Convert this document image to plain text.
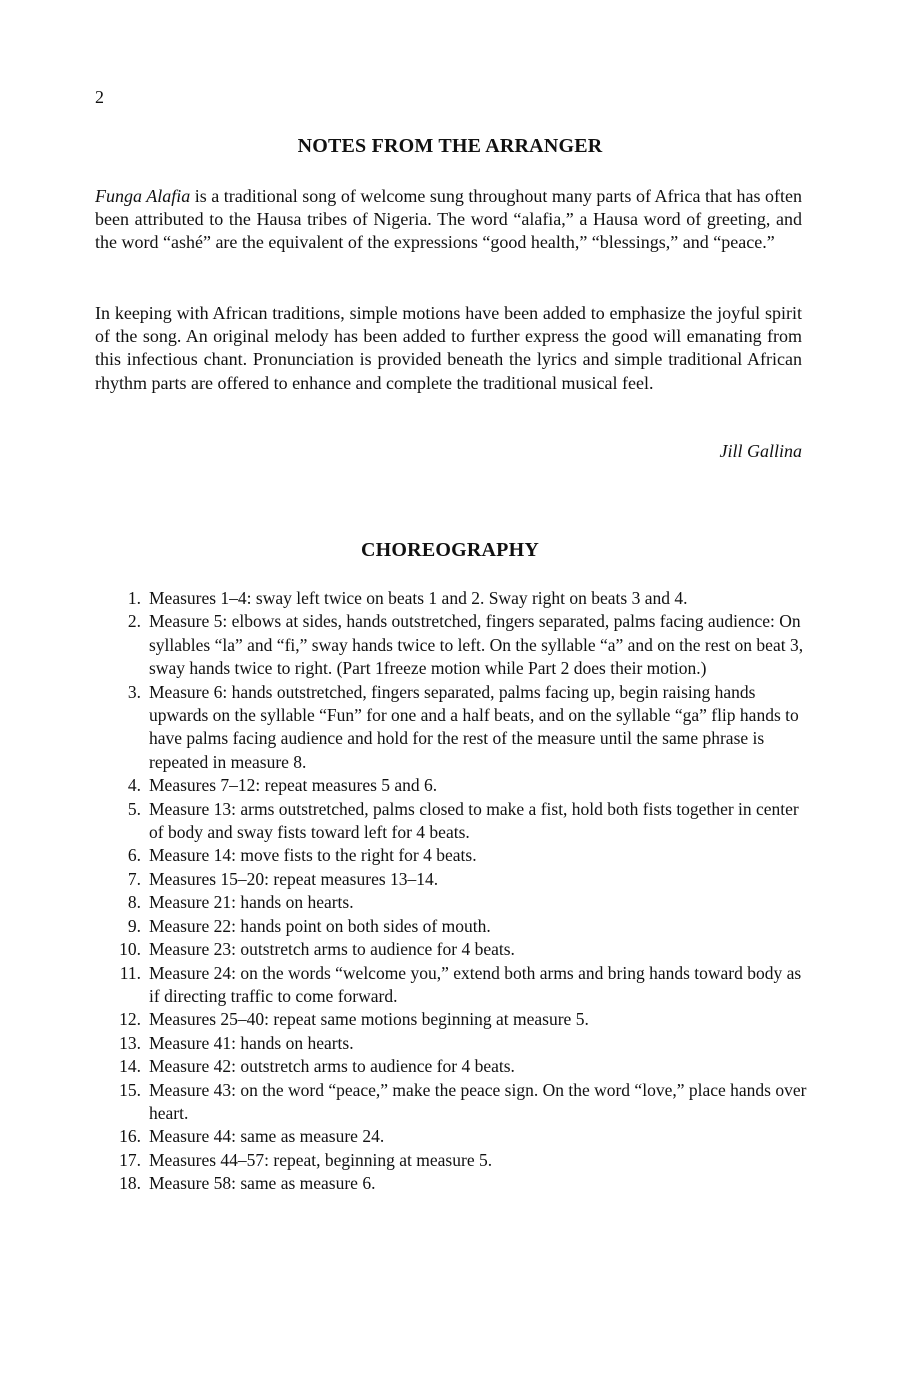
2
NOTES FROM THE ARRANGER

Funga Alafia is a traditional song of welcome sung throughout many parts of Africa that has often been attributed to the Hausa tribes of Nigeria. The word “alafia,” a Hausa word of greeting, and the word “ashé” are the equivalent of the expressions “good health,” “blessings,” and “peace.”

In keeping with African traditions, simple motions have been added to emphasize the joyful spirit of the song. An original melody has been added to further express the good will emanating from this infectious chant. Pronunciation is provided beneath the lyrics and simple traditional African rhythm parts are offered to enhance and complete the traditional musical feel.

Jill Gallina
CHOREOGRAPHY
1. Measures 1–4: sway left twice on beats 1 and 2. Sway right on beats 3 and 4.
2. Measure 5: elbows at sides, hands outstretched, fingers separated, palms facing audience: On syllables “la” and “fi,” sway hands twice to left. On the syllable “a” and on the rest on beat 3, sway hands twice to right. (Part 1freeze motion while Part 2 does their motion.)
3. Measure 6: hands outstretched, fingers separated, palms facing up, begin raising hands upwards on the syllable “Fun” for one and a half beats, and on the syllable “ga” flip hands to have palms facing audience and hold for the rest of the measure until the same phrase is repeated in measure 8.
4. Measures 7–12: repeat measures 5 and 6.
5. Measure 13: arms outstretched, palms closed to make a fist, hold both fists together in center of body and sway fists toward left for 4 beats.
6. Measure 14: move fists to the right for 4 beats.
7. Measures 15–20: repeat measures 13–14.
8. Measure 21: hands on hearts.
9. Measure 22: hands point on both sides of mouth.
10. Measure 23: outstretch arms to audience for 4 beats.
11. Measure 24: on the words “welcome you,” extend both arms and bring hands toward body as if directing traffic to come forward.
12. Measures 25–40: repeat same motions beginning at measure 5.
13. Measure 41: hands on hearts.
14. Measure 42: outstretch arms to audience for 4 beats.
15. Measure 43: on the word “peace,” make the peace sign. On the word “love,” place hands over heart.
16. Measure 44: same as measure 24.
17. Measures 44–57: repeat, beginning at measure 5.
18. Measure 58: same as measure 6.
